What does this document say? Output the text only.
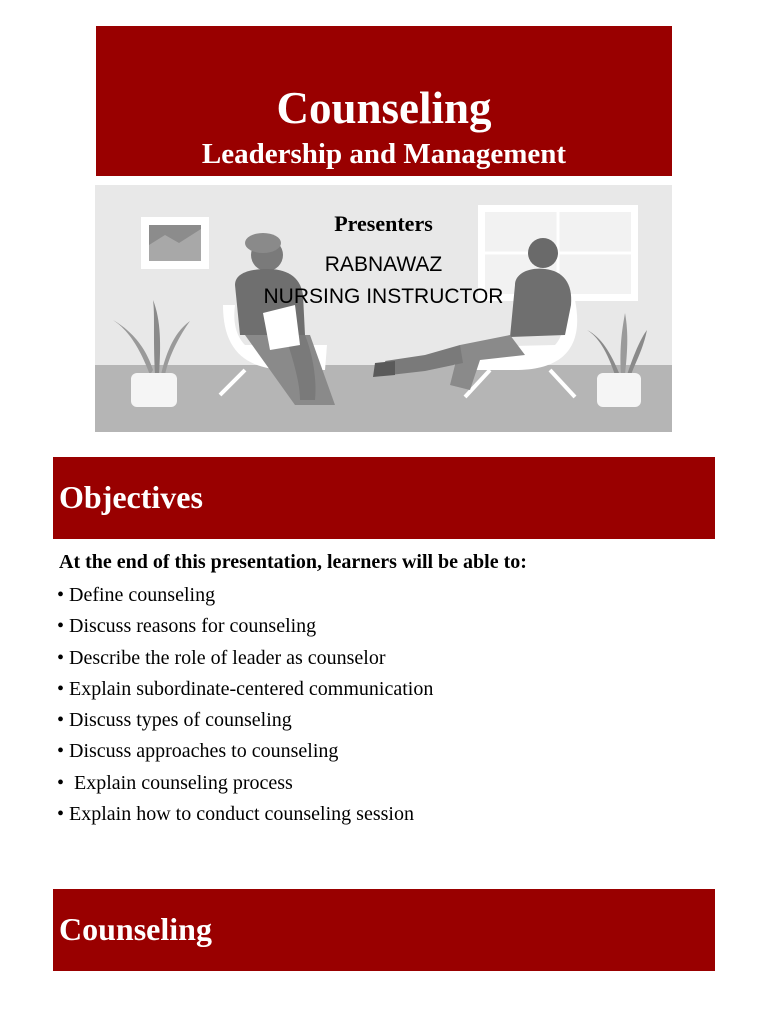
Counseling
Leadership and Management
Presenters
RABNAWAZ
NURSING INSTRUCTOR
Objectives
At the end of this presentation, learners will be able to:
• Define counseling
• Discuss reasons for counseling
• Describe the role of leader as counselor
• Explain subordinate-centered communication
• Discuss types of counseling
• Discuss approaches to counseling
•  Explain counseling process
• Explain how to conduct counseling session
Counseling
